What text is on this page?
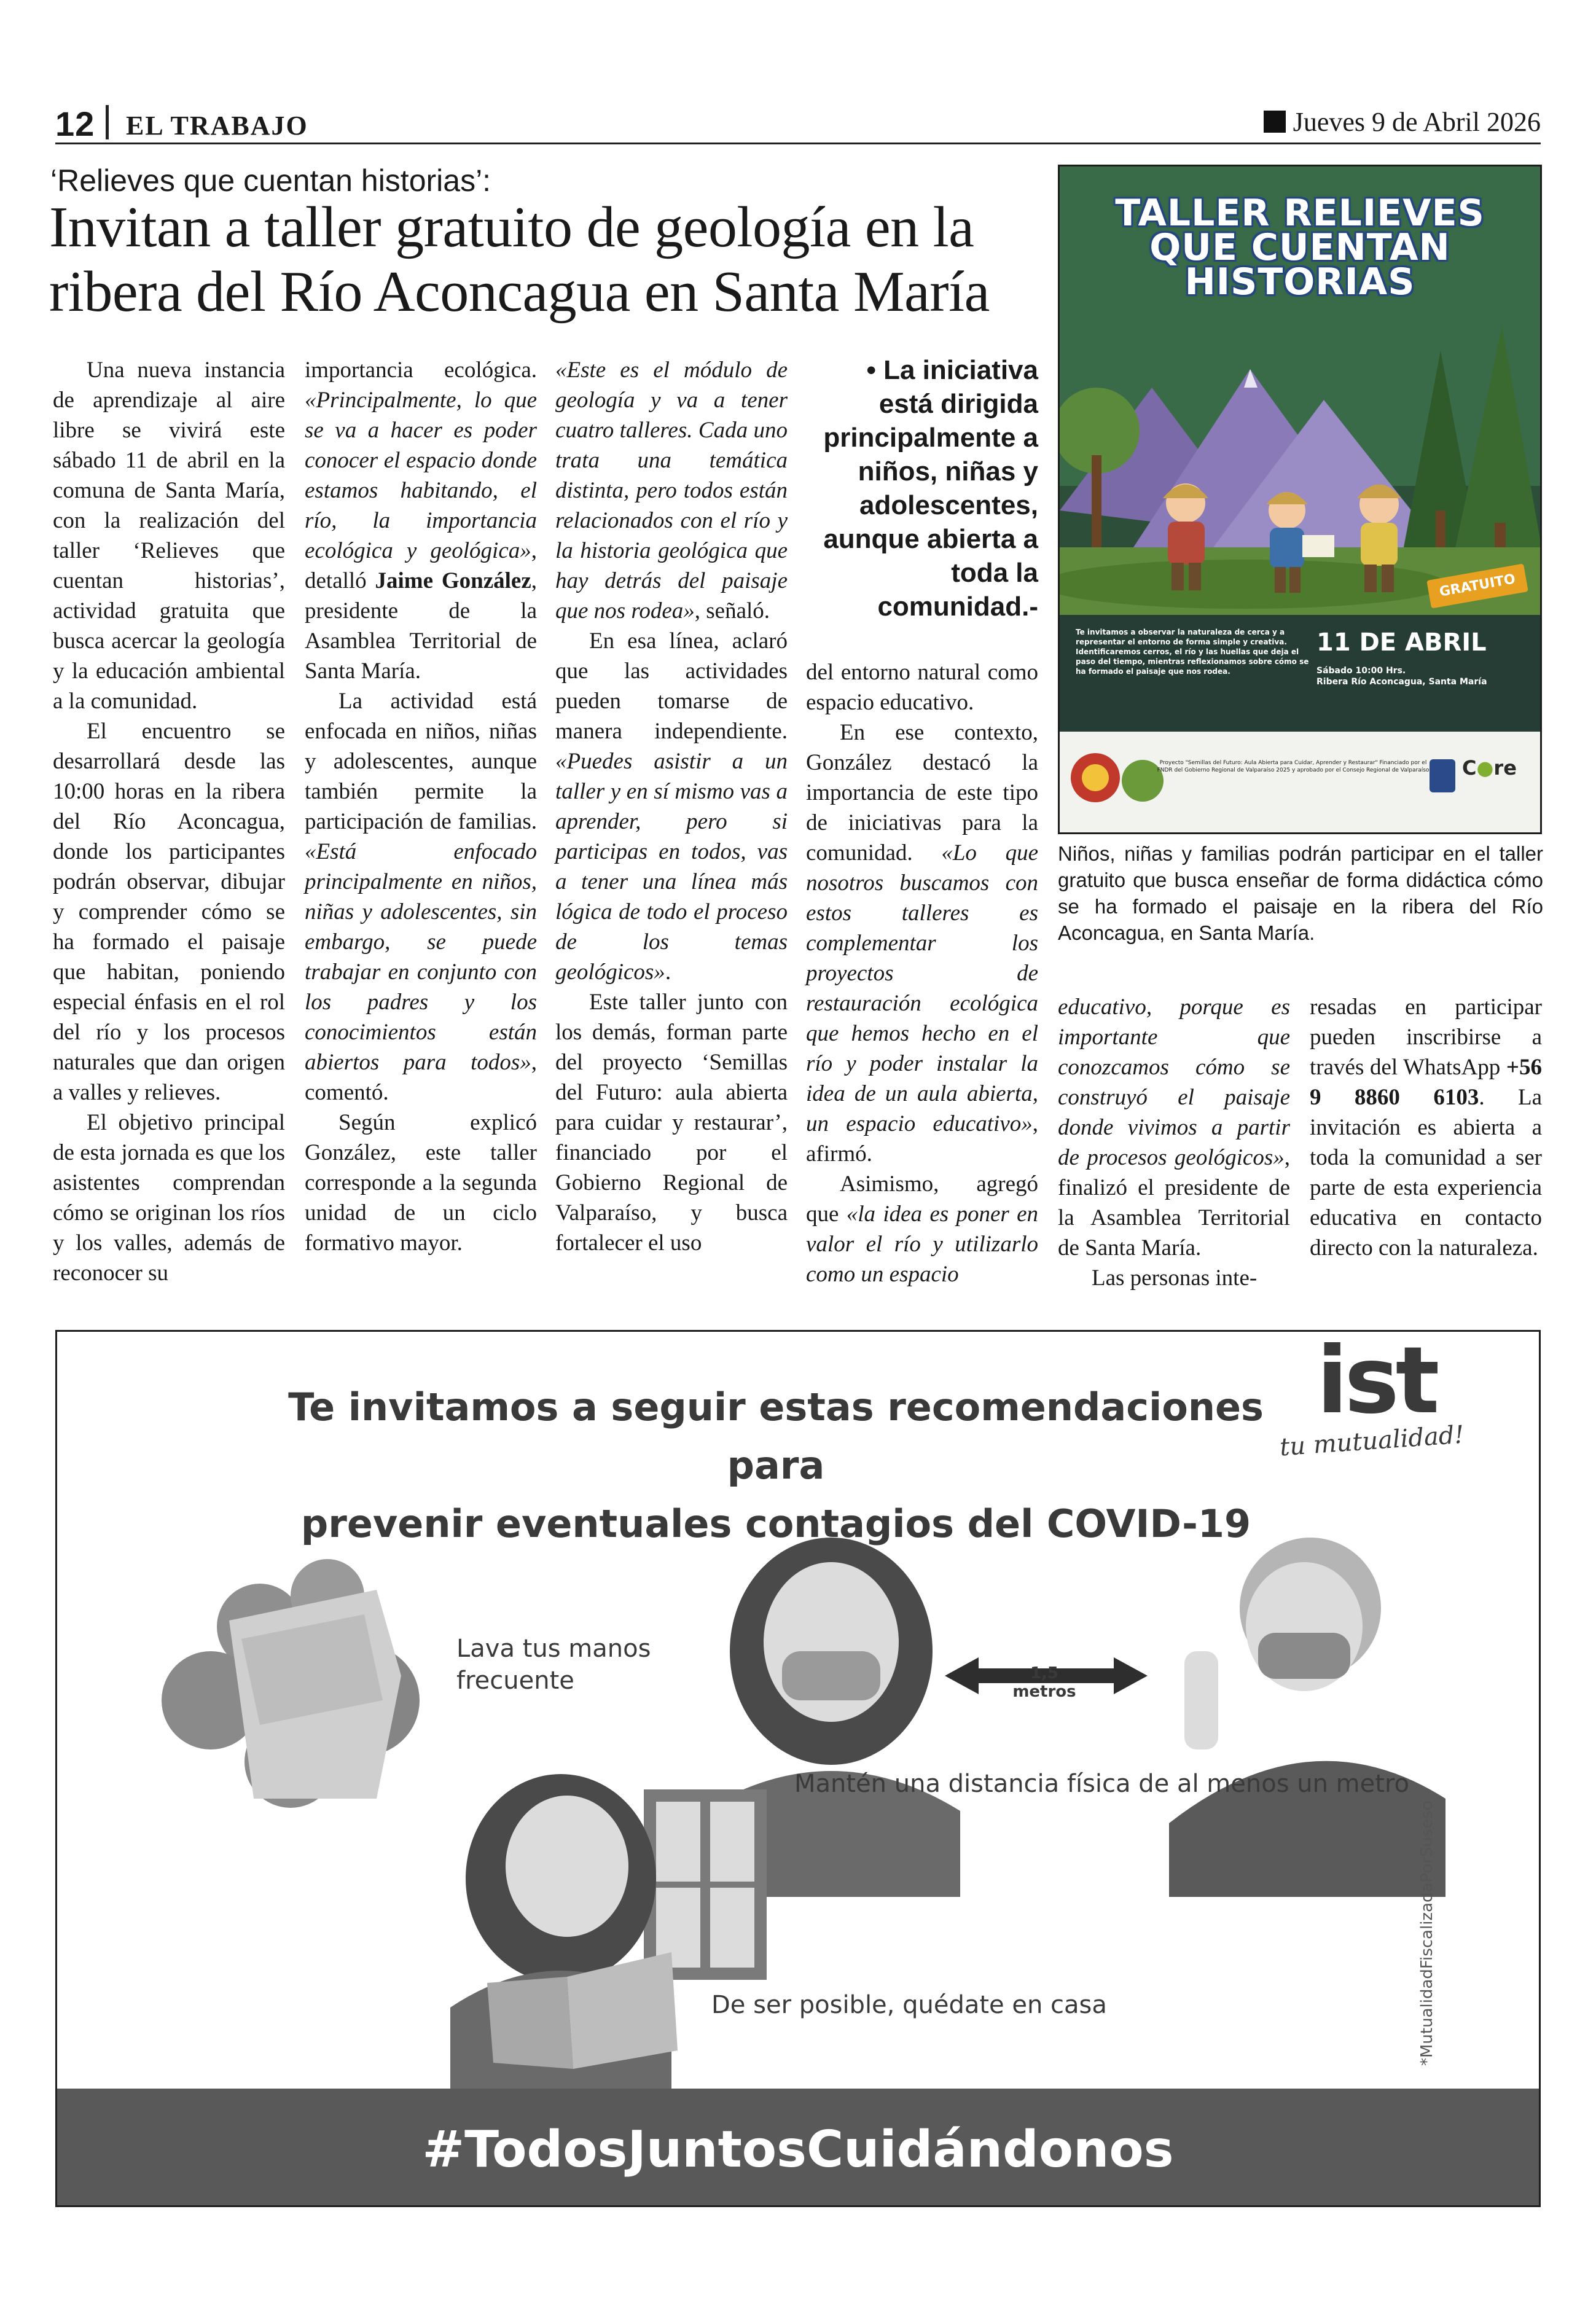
12 EL TRABAJO	Jueves 9 de Abril 2026
‘Relieves que cuentan historias’:
Invitan a taller gratuito de geología en la ribera del Río Aconcagua en Santa María

Una nueva instancia de aprendizaje al aire libre se vivirá este sábado 11 de abril en la comuna de Santa María, con la realización del taller ‘Relieves que cuentan historias’, actividad gratuita que busca acercar la geología y la educación ambiental a la comunidad.

El encuentro se desarrollará desde las 10:00 horas en la ribera del Río Aconcagua, donde los participantes podrán observar, dibujar y comprender cómo se ha formado el paisaje que habitan, poniendo especial énfasis en el rol del río y los procesos naturales que dan origen a valles y relieves.

El objetivo principal de esta jornada es que los asistentes comprendan cómo se originan los ríos y los valles, además de reconocer su

importancia ecológica. «Principalmente, lo que se va a hacer es poder conocer el espacio donde estamos habitando, el río, la importancia ecológica y geológica», detalló Jaime González, presidente de la Asamblea Territorial de Santa María.

La actividad está enfocada en niños, niñas y adolescentes, aunque también permite la participación de familias. «Está enfocado principalmente en niños, niñas y adolescentes, sin embargo, se puede trabajar en conjunto con los padres y los conocimientos están abiertos para todos», comentó.

Según explicó González, este taller corresponde a la segunda unidad de un ciclo formativo mayor.

«Este es el módulo de geología y va a tener cuatro talleres. Cada uno trata una temática distinta, pero todos están relacionados con el río y la historia geológica que hay detrás del paisaje que nos rodea», señaló.

En esa línea, aclaró que las actividades pueden tomarse de manera independiente. «Puedes asistir a un taller y en sí mismo vas a aprender, pero si participas en todos, vas a tener una línea más lógica de todo el proceso de los temas geológicos».

Este taller junto con los demás, forman parte del proyecto ‘Semillas del Futuro: aula abierta para cuidar y restaurar’, financiado por el Gobierno Regional de Valparaíso, y busca fortalecer el uso

• La iniciativa está dirigida principalmente a niños, niñas y adolescentes, aunque abierta a toda la comunidad.-

del entorno natural como espacio educativo.

En ese contexto, González destacó la importancia de este tipo de iniciativas para la comunidad. «Lo que nosotros buscamos con estos talleres es complementar los proyectos de restauración ecológica que hemos hecho en el río y poder instalar la idea de un aula abierta, un espacio educativo», afirmó.

Asimismo, agregó que «la idea es poner en valor el río y utilizarlo como un espacio

educativo, porque es importante que conozcamos cómo se construyó el paisaje donde vivimos a partir de procesos geológicos», finalizó el presidente de la Asamblea Territorial de Santa María.

Las personas inte-

resadas en participar pueden inscribirse a través del WhatsApp +56 9 8860 6103. La invitación es abierta a toda la comunidad a ser parte de esta experiencia educativa en contacto directo con la naturaleza.

TALLER RELIEVES
QUE CUENTAN
HISTORIAS
GRATUITO
Te invitamos a observar la naturaleza de cerca y a representar el entorno de forma simple y creativa. Identificaremos cerros, el río y las huellas que deja el paso del tiempo, mientras reflexionamos sobre cómo se ha formado el paisaje que nos rodea.
11 DE ABRIL
Sábado 10:00 Hrs.
Ribera Río Aconcagua, Santa María
Proyecto "Semillas del Futuro: Aula Abierta para Cuidar, Aprender y Restaurar" Financiado por el FNDR del Gobierno Regional de Valparaíso 2025 y aprobado por el Consejo Regional de Valparaíso C●re
Niños, niñas y familias podrán participar en el taller gratuito que busca enseñar de forma didáctica cómo se ha formado el paisaje en la ribera del Río Aconcagua, en Santa María.
Te invitamos a seguir estas recomendaciones para
prevenir eventuales contagios del COVID-19
ist
tu mutualidad!
Lava tus manos
frecuente	1,5 metros
Mantén una distancia física de al menos un metro
De ser posible, quédate en casa	*MutualidadFiscalizadaPorSuseso
#TodosJuntosCuidándonos
